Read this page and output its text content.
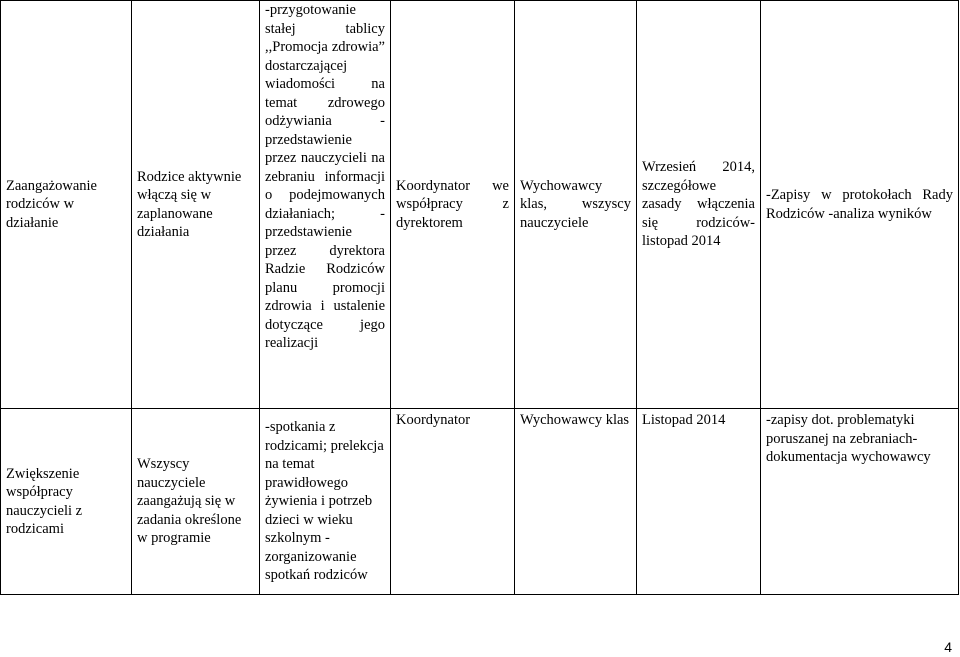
Zaangażowanie rodziców w działanie	Rodzice aktywnie włączą się w zaplanowane działania	-przygotowanie stałej tablicy ,,Promocja zdrowia” dostarczającej wiadomości na temat zdrowego odżywiania -przedstawienie przez nauczycieli na zebraniu informacji o podejmowanych działaniach; -przedstawienie przez dyrektora Radzie Rodziców planu promocji zdrowia i ustalenie dotyczące jego realizacji	Koordynator we współpracy z dyrektorem	Wychowawcy klas, wszyscy nauczyciele	Wrzesień 2014, szczegółowe zasady włączenia się rodziców-listopad 2014	-Zapisy w protokołach Rady Rodziców -analiza wyników

Zwiększenie współpracy nauczycieli z rodzicami	Wszyscy nauczyciele zaangażują się w zadania określone w programie	-spotkania z rodzicami; prelekcja na temat prawidłowego żywienia i potrzeb dzieci w wieku szkolnym -zorganizowanie spotkań rodziców	Koordynator	Wychowawcy klas	Listopad 2014	-zapisy dot. problematyki poruszanej na zebraniach-dokumentacja wychowawcy
4
